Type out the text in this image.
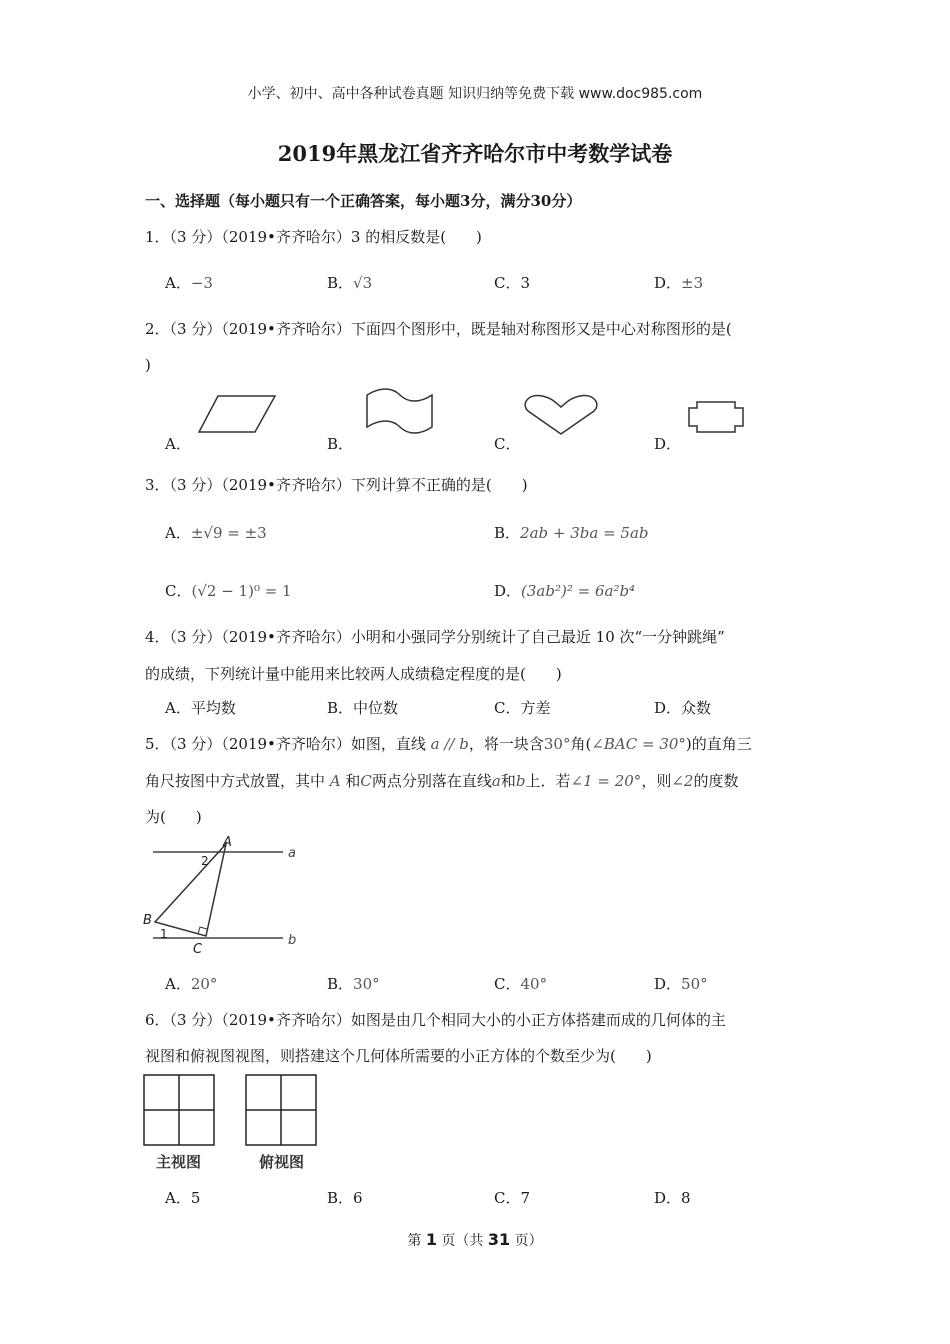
小学、初中、高中各种试卷真题 知识归纳等免费下载 www.doc985.com
2019年黑龙江省齐齐哈尔市中考数学试卷
一、选择题（每小题只有一个正确答案，每小题3分，满分30分）
1．（3 分）（2019•齐齐哈尔）3 的相反数是(　　)
A．−3	B．√3	C．3	D．±3
2．（3 分）（2019•齐齐哈尔）下面四个图形中，既是轴对称图形又是中心对称图形的是(
)
A．	B．	C．	D．
3．（3 分）（2019•齐齐哈尔）下列计算不正确的是(　　)
A．±√9 = ±3	B．2ab + 3ba = 5ab
C．(√2 − 1)⁰ = 1	D．(3ab²)² = 6a²b⁴
4．（3 分）（2019•齐齐哈尔）小明和小强同学分别统计了自己最近 10 次“一分钟跳绳”
的成绩，下列统计量中能用来比较两人成绩稳定程度的是(　　)
A．平均数	B．中位数	C．方差	D．众数
5．（3 分）（2019•齐齐哈尔）如图，直线 a // b，将一块含30°角(∠BAC = 30°)的直角三
角尺按图中方式放置，其中 A 和C两点分别落在直线a和b上．若∠1 = 20°，则∠2的度数
为(　　)
A
B
C
a
b
1
2
A．20°	B．30°	C．40°	D．50°
6．（3 分）（2019•齐齐哈尔）如图是由几个相同大小的小正方体搭建而成的几何体的主
视图和俯视图视图，则搭建这个几何体所需要的小正方体的个数至少为(　　)
主视图	俯视图
A．5	B．6	C．7	D．8
第 1 页（共 31 页）
